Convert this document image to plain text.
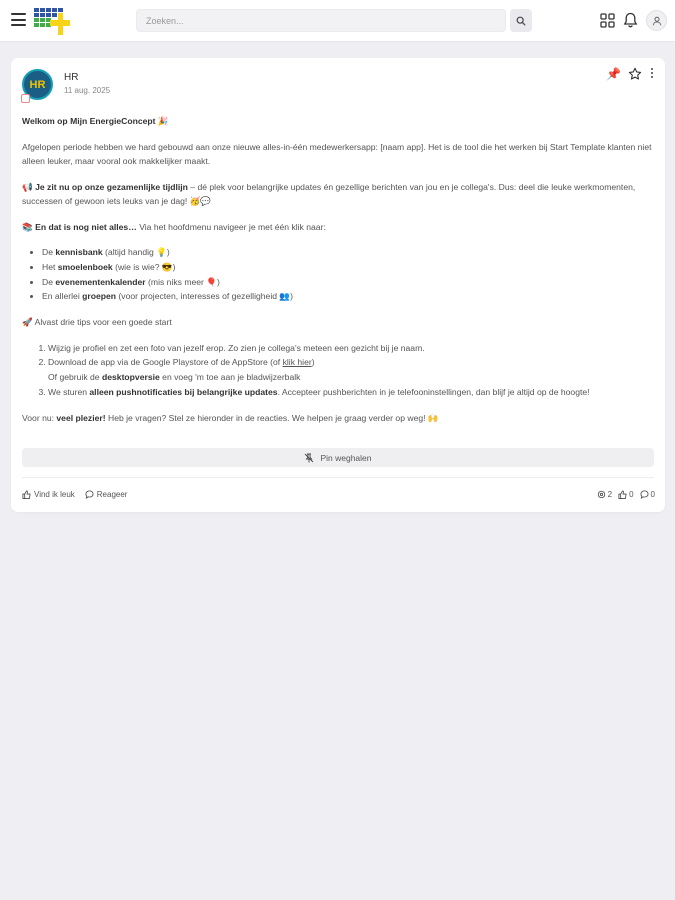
Zoeken...
HR
HR
11 aug. 2025
📌

Welkom op Mijn EnergieConcept 🎉

Afgelopen periode hebben we hard gebouwd aan onze nieuwe alles-in-één medewerkersapp: [naam app]. Het is de tool die het werken bij Start Template klanten niet alleen leuker, maar vooral ook makkelijker maakt.

📢 Je zit nu op onze gezamenlijke tijdlijn – dé plek voor belangrijke updates én gezellige berichten van jou en je collega's. Dus: deel die leuke werkmomenten, successen of gewoon iets leuks van je dag! 🥳💬

📚 En dat is nog niet alles… Via het hoofdmenu navigeer je met één klik naar:

• De kennisbank (altijd handig 💡)
• Het smoelenboek (wie is wie? 😎)
• De evenementenkalender (mis niks meer 🎈)
• En allerlei groepen (voor projecten, interesses of gezelligheid 👥)

🚀 Alvast drie tips voor een goede start

1. Wijzig je profiel en zet een foto van jezelf erop. Zo zien je collega's meteen een gezicht bij je naam.
2. Download de app via de Google Playstore of de AppStore (of klik hier)
Of gebruik de desktopversie en voeg 'm toe aan je bladwijzerbalk
3. We sturen alleen pushnotificaties bij belangrijke updates. Accepteer pushberichten in je telefooninstellingen, dan blijf je altijd op de hoogte!

Voor nu: veel plezier! Heb je vragen? Stel ze hieronder in de reacties. We helpen je graag verder op weg! 🙌

Pin weghalen
Vind ik leuk	Reageer	2 0 0
